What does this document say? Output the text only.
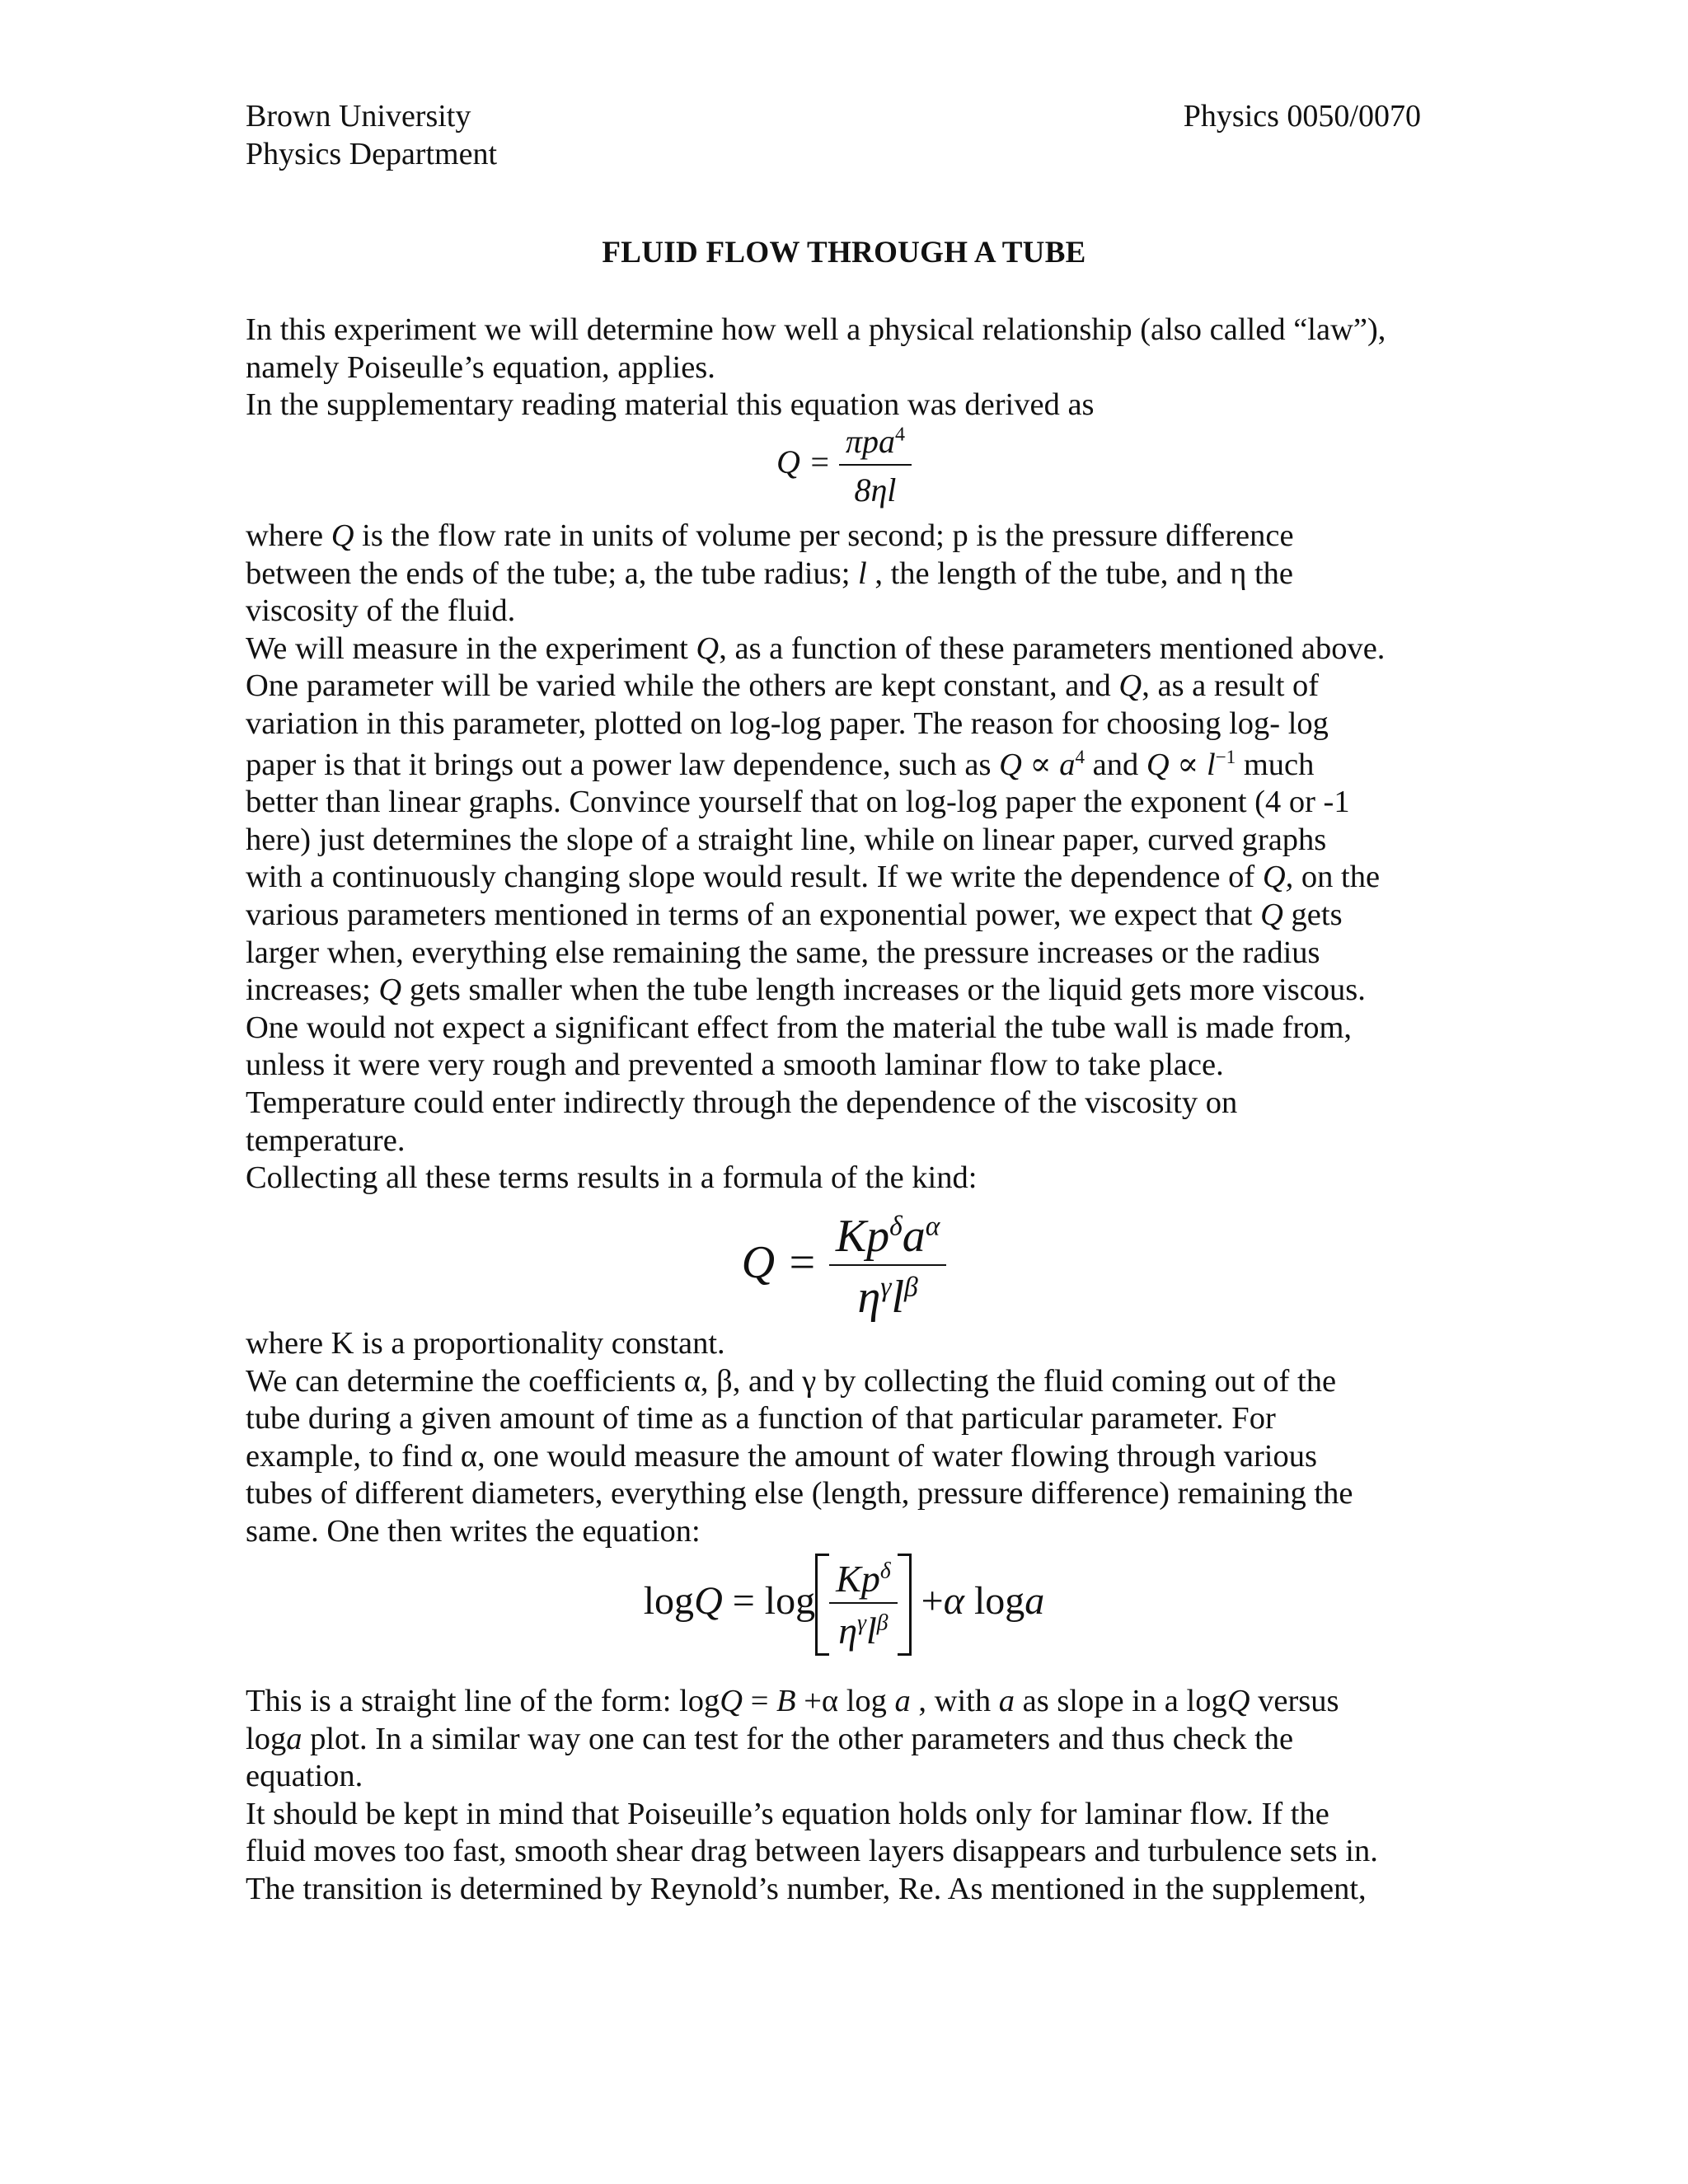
Brown University
Physics Department
Physics 0050/0070
FLUID FLOW THROUGH A TUBE
In this experiment we will determine how well a physical relationship (also called “law”),
namely Poiseulle’s equation, applies.
In the supplementary reading material this equation was derived as
$Q = \frac{\pi pa^4}{8\eta l}$
where Q is the flow rate in units of volume per second; p is the pressure difference
between the ends of the tube; a, the tube radius; l , the length of the tube, and η the
viscosity of the fluid.
We will measure in the experiment Q, as a function of these parameters mentioned above.
One parameter will be varied while the others are kept constant, and Q, as a result of
variation in this parameter, plotted on log-log paper. The reason for choosing log- log
paper is that it brings out a power law dependence, such as $Q \propto a^4$ and $Q \propto l^{-1}$ much
better than linear graphs. Convince yourself that on log-log paper the exponent (4 or -1
here) just determines the slope of a straight line, while on linear paper, curved graphs
with a continuously changing slope would result. If we write the dependence of Q, on the
various parameters mentioned in terms of an exponential power, we expect that Q gets
larger when, everything else remaining the same, the pressure increases or the radius
increases; Q gets smaller when the tube length increases or the liquid gets more viscous.
One would not expect a significant effect from the material the tube wall is made from,
unless it were very rough and prevented a smooth laminar flow to take place.
Temperature could enter indirectly through the dependence of the viscosity on
temperature.
Collecting all these terms results in a formula of the kind:
$Q = \frac{Kp^\delta a^\alpha}{\eta^\gamma l^\beta}$
where K is a proportionality constant.
We can determine the coefficients α, β, and γ by collecting the fluid coming out of the
tube during a given amount of time as a function of that particular parameter. For
example, to find α, one would measure the amount of water flowing through various
tubes of different diameters, everything else (length, pressure difference) remaining the
same. One then writes the equation:
$\log Q = \log \frac{Kp^\delta}{\eta^\gamma l^\beta} +\alpha$ loga
This is a straight line of the form: logQ = B +α log a , with a as slope in a logQ versus
loga plot. In a similar way one can test for the other parameters and thus check the
equation.
It should be kept in mind that Poiseuille’s equation holds only for laminar flow. If the
fluid moves too fast, smooth shear drag between layers disappears and turbulence sets in.
The transition is determined by Reynold’s number, Re. As mentioned in the supplement,
